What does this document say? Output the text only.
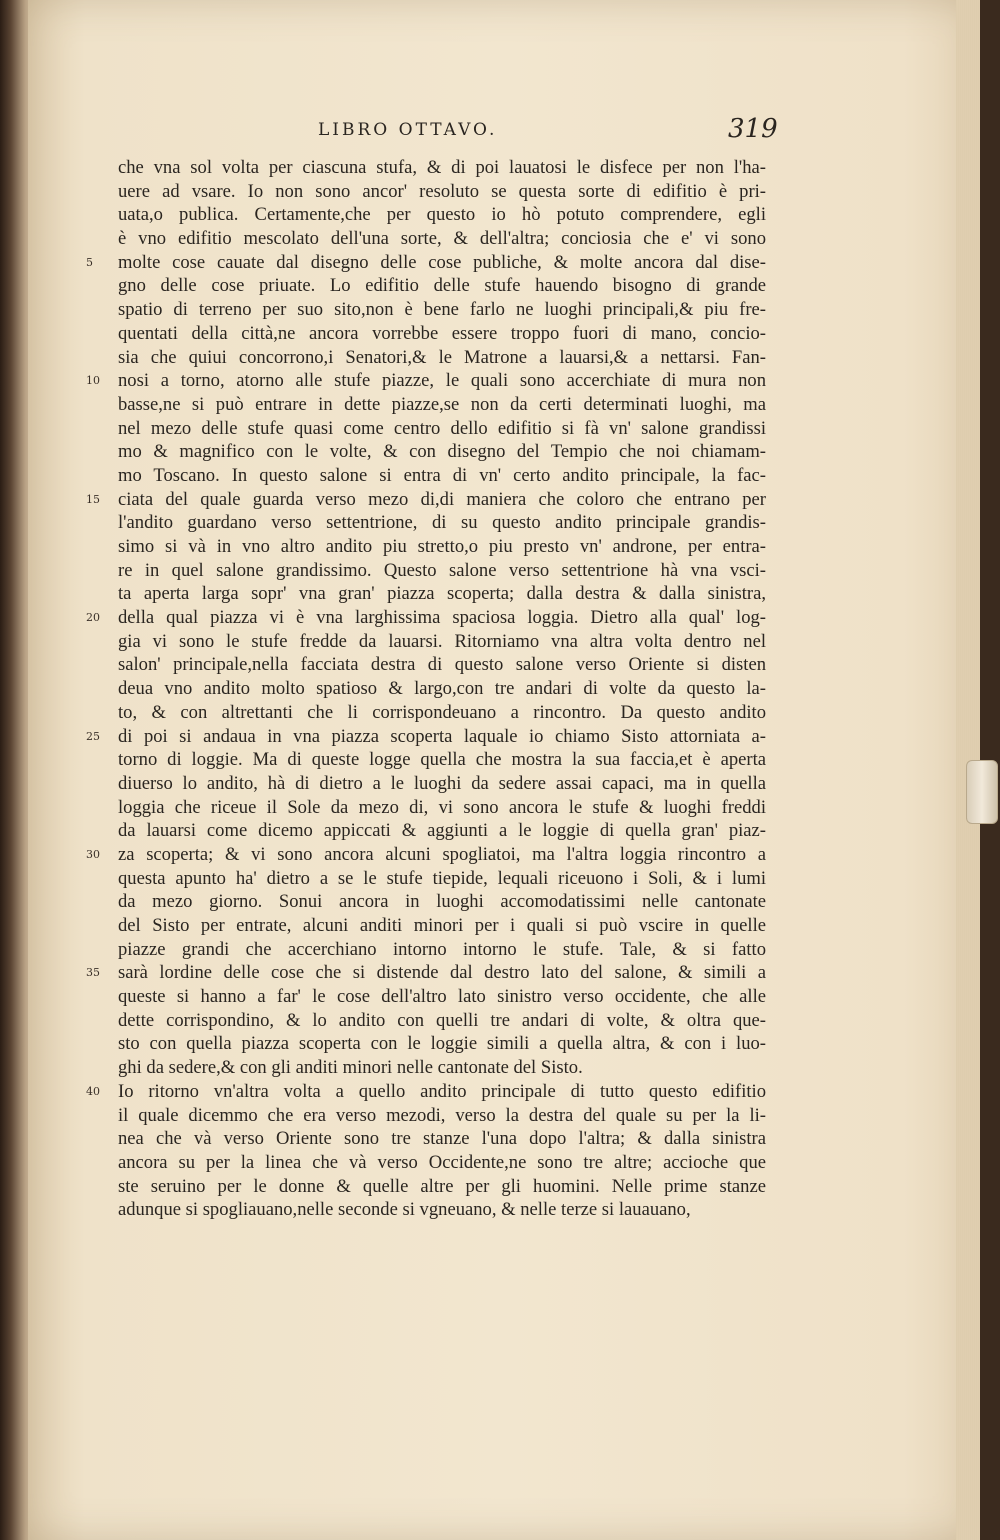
LIBRO OTTAVO.	319
che vna sol volta per ciascuna stufa, & di poi lauatosi le disfece per non l'ha-
uere ad vsare. Io non sono ancor' resoluto se questa sorte di edifitio è pri-
uata,o publica. Certamente,che per questo io hò potuto comprendere, egli
è vno edifitio mescolato dell'una sorte, & dell'altra; conciosia che e' vi sono
molte cose cauate dal disegno delle cose publiche, & molte ancora dal dise-
5
gno delle cose priuate. Lo edifitio delle stufe hauendo bisogno di grande
spatio di terreno per suo sito,non è bene farlo ne luoghi principali,& piu fre-
quentati della città,ne ancora vorrebbe essere troppo fuori di mano, concio-
sia che quiui concorrono,i Senatori,& le Matrone a lauarsi,& a nettarsi. Fan-
nosi a torno, atorno alle stufe piazze, le quali sono accerchiate di mura non
10
basse,ne si può entrare in dette piazze,se non da certi determinati luoghi, ma
nel mezo delle stufe quasi come centro dello edifitio si fà vn' salone grandissi
mo & magnifico con le volte, & con disegno del Tempio che noi chiamam-
mo Toscano. In questo salone si entra di vn' certo andito principale, la fac-
ciata del quale guarda verso mezo di,di maniera che coloro che entrano per
15
l'andito guardano verso settentrione, di su questo andito principale grandis-
simo si và in vno altro andito piu stretto,o piu presto vn' androne, per entra-
re in quel salone grandissimo. Questo salone verso settentrione hà vna vsci-
ta aperta larga sopr' vna gran' piazza scoperta; dalla destra & dalla sinistra,
della qual piazza vi è vna larghissima spaciosa loggia. Dietro alla qual' log-
20
gia vi sono le stufe fredde da lauarsi. Ritorniamo vna altra volta dentro nel
salon' principale,nella facciata destra di questo salone verso Oriente si disten
deua vno andito molto spatioso & largo,con tre andari di volte da questo la-
to, & con altrettanti che li corrispondeuano a rincontro. Da questo andito
di poi si andaua in vna piazza scoperta laquale io chiamo Sisto attorniata a-
25
torno di loggie. Ma di queste logge quella che mostra la sua faccia,et è aperta
diuerso lo andito, hà di dietro a le luoghi da sedere assai capaci, ma in quella
loggia che riceue il Sole da mezo di, vi sono ancora le stufe & luoghi freddi
da lauarsi come dicemo appiccati & aggiunti a le loggie di quella gran' piaz-
za scoperta; & vi sono ancora alcuni spogliatoi, ma l'altra loggia rincontro a
30
questa apunto ha' dietro a se le stufe tiepide, lequali riceuono i Soli, & i lumi
da mezo giorno. Sonui ancora in luoghi accomodatissimi nelle cantonate
del Sisto per entrate, alcuni anditi minori per i quali si può vscire in quelle
piazze grandi che accerchiano intorno intorno le stufe. Tale, & si fatto
sarà lordine delle cose che si distende dal destro lato del salone, & simili a
35
queste si hanno a far' le cose dell'altro lato sinistro verso occidente, che alle
dette corrispondino, & lo andito con quelli tre andari di volte, & oltra que-
sto con quella piazza scoperta con le loggie simili a quella altra, & con i luo-
ghi da sedere,& con gli anditi minori nelle cantonate del Sisto.
Io ritorno vn'altra volta a quello andito principale di tutto questo edifitio
40
il quale dicemmo che era verso mezodi, verso la destra del quale su per la li-
nea che và verso Oriente sono tre stanze l'una dopo l'altra; & dalla sinistra
ancora su per la linea che và verso Occidente,ne sono tre altre; accioche que
ste seruino per le donne & quelle altre per gli huomini. Nelle prime stanze
adunque si spogliauano,nelle seconde si vgneuano, & nelle terze si lauauano,
